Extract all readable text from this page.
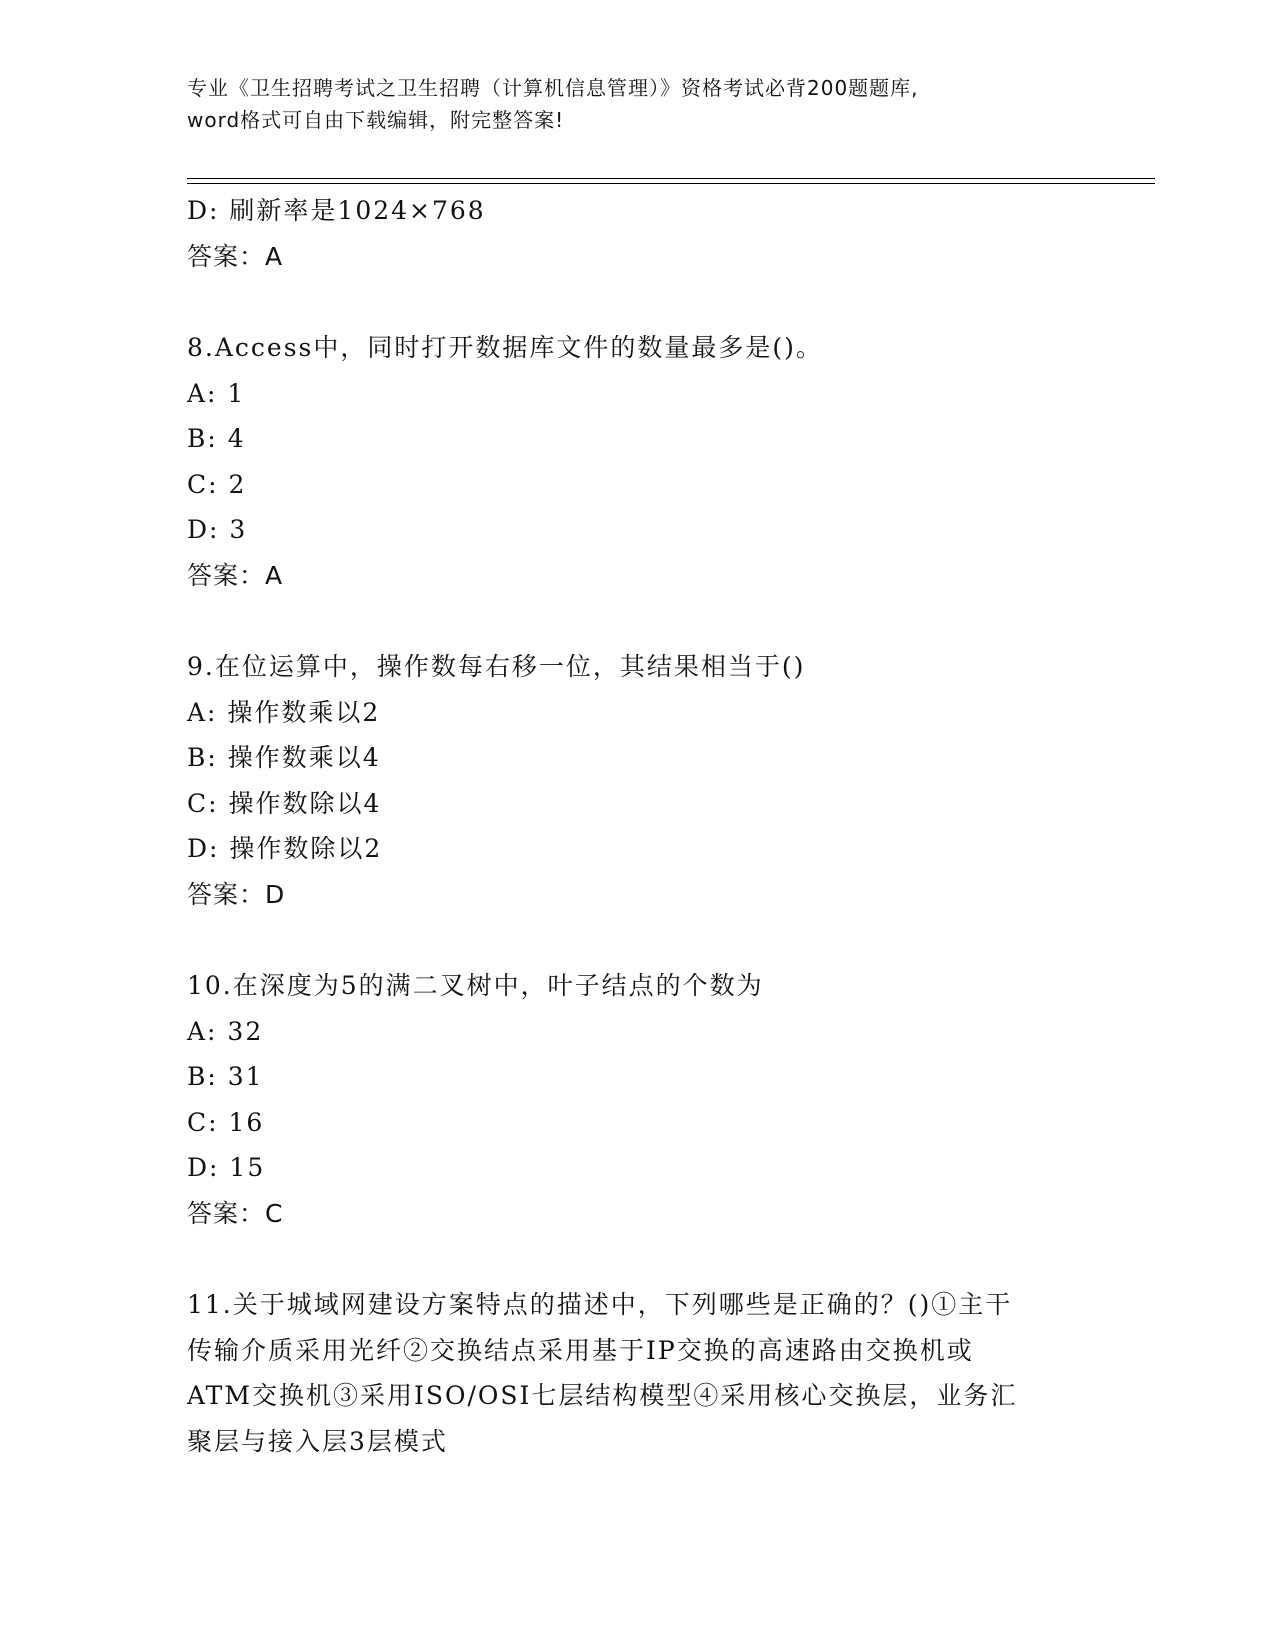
专业《卫生招聘考试之卫生招聘（计算机信息管理）》资格考试必背200题题库,
word格式可自由下载编辑，附完整答案!
D: 刷新率是1024×768
答案：A
8.Access中，同时打开数据库文件的数量最多是()。
A: 1
B: 4
C: 2
D: 3
答案：A
9.在位运算中，操作数每右移一位，其结果相当于()
A: 操作数乘以2
B: 操作数乘以4
C: 操作数除以4
D: 操作数除以2
答案：D
10.在深度为5的满二叉树中，叶子结点的个数为
A: 32
B: 31
C: 16
D: 15
答案：C
11.关于城域网建设方案特点的描述中，下列哪些是正确的？()①主干
传输介质采用光纤②交换结点采用基于IP交换的高速路由交换机或
ATM交换机③采用ISO/OSI七层结构模型④采用核心交换层，业务汇
聚层与接入层3层模式
